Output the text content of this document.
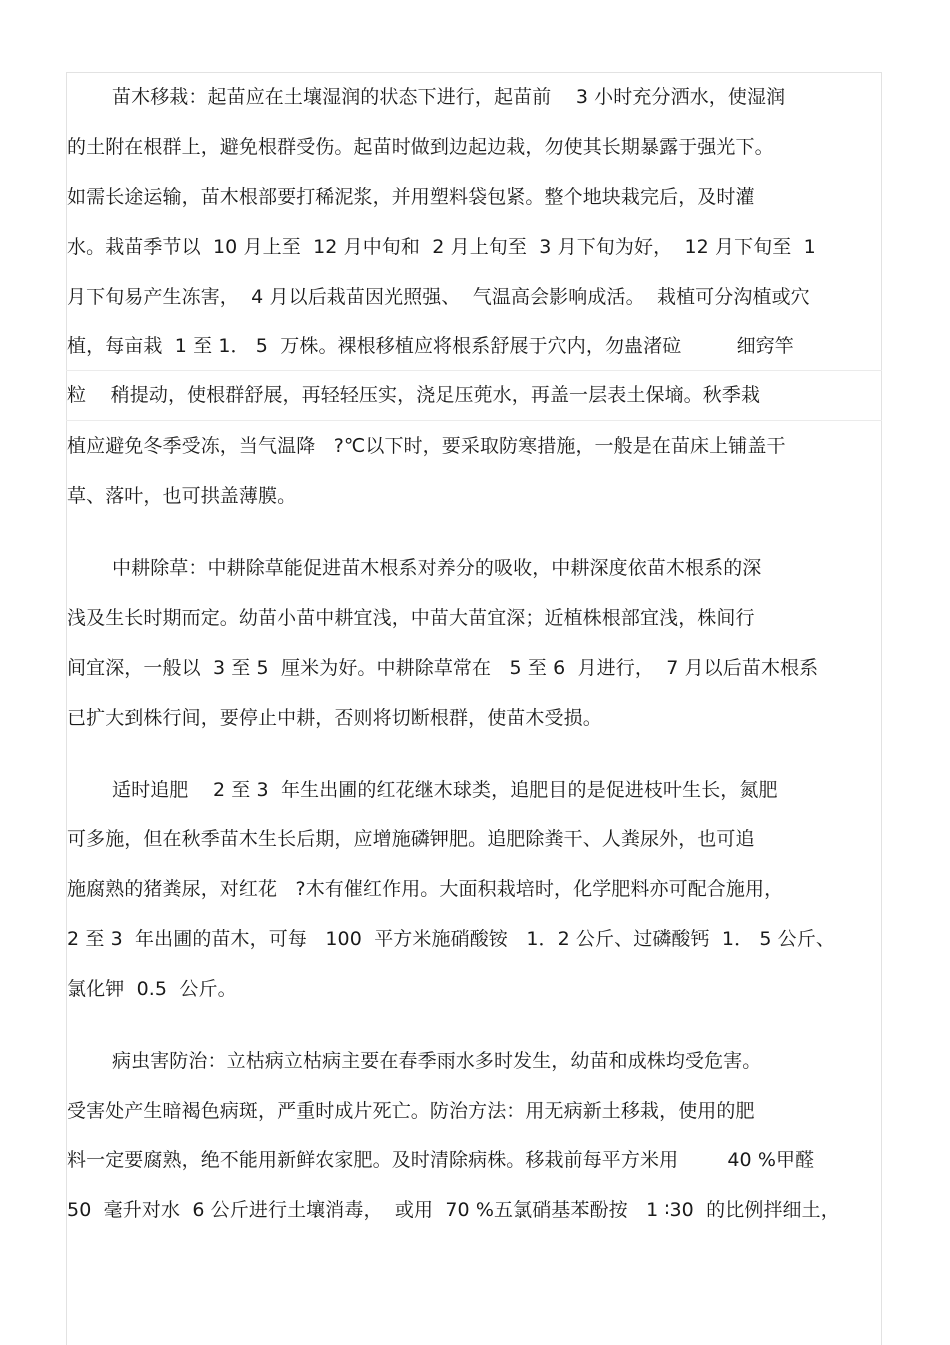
苗木移栽：起苗应在土壤湿润的状态下进行，起苗前    3 小时充分洒水，使湿润
的土附在根群上，避免根群受伤。起苗时做到边起边栽，勿使其长期暴露于强光下。
如需长途运输，苗木根部要打稀泥浆，并用塑料袋包紧。整个地块栽完后，及时灌
水。栽苗季节以  10 月上至  12 月中旬和  2 月上旬至  3 月下旬为好，  12 月下旬至  1
月下旬易产生冻害，  4 月以后栽苗因光照强、  气温高会影响成活。  栽植可分沟植或穴
植，每亩栽  1 至 1． 5  万株。裸根移植应将根系舒展于穴内，勿蛊渚砬         细窍竿
粒    稍提动，使根群舒展，再轻轻压实，浇足压蔸水，再盖一层表土保墒。秋季栽
植应避免冬季受冻，当气温降   ?℃以下时，要采取防寒措施，一般是在苗床上铺盖干
草、落叶，也可拱盖薄膜。
中耕除草：中耕除草能促进苗木根系对养分的吸收，中耕深度依苗木根系的深
浅及生长时期而定。幼苗小苗中耕宜浅，中苗大苗宜深；近植株根部宜浅，株间行
间宜深，一般以  3 至 5  厘米为好。中耕除草常在   5 至 6  月进行，  7 月以后苗木根系
已扩大到株行间，要停止中耕，否则将切断根群，使苗木受损。
适时追肥    2 至 3  年生出圃的红花继木球类，追肥目的是促进枝叶生长，氮肥
可多施，但在秋季苗木生长后期，应增施磷钾肥。追肥除粪干、人粪尿外，也可追
施腐熟的猪粪尿，对红花   ?木有催红作用。大面积栽培时，化学肥料亦可配合施用，
2 至 3  年出圃的苗木，可每   100  平方米施硝酸铵   1．2 公斤、过磷酸钙  1． 5 公斤、
氯化钾  0.5  公斤。
病虫害防治：立枯病立枯病主要在春季雨水多时发生，幼苗和成株均受危害。
受害处产生暗褐色病斑，严重时成片死亡。防治方法：用无病新土移栽，使用的肥
料一定要腐熟，绝不能用新鲜农家肥。及时清除病株。移栽前每平方米用        40 %甲醛
50  毫升对水  6 公斤进行土壤消毒，  或用  70 %五氯硝基苯酚按   1 ∶30  的比例拌细土，
